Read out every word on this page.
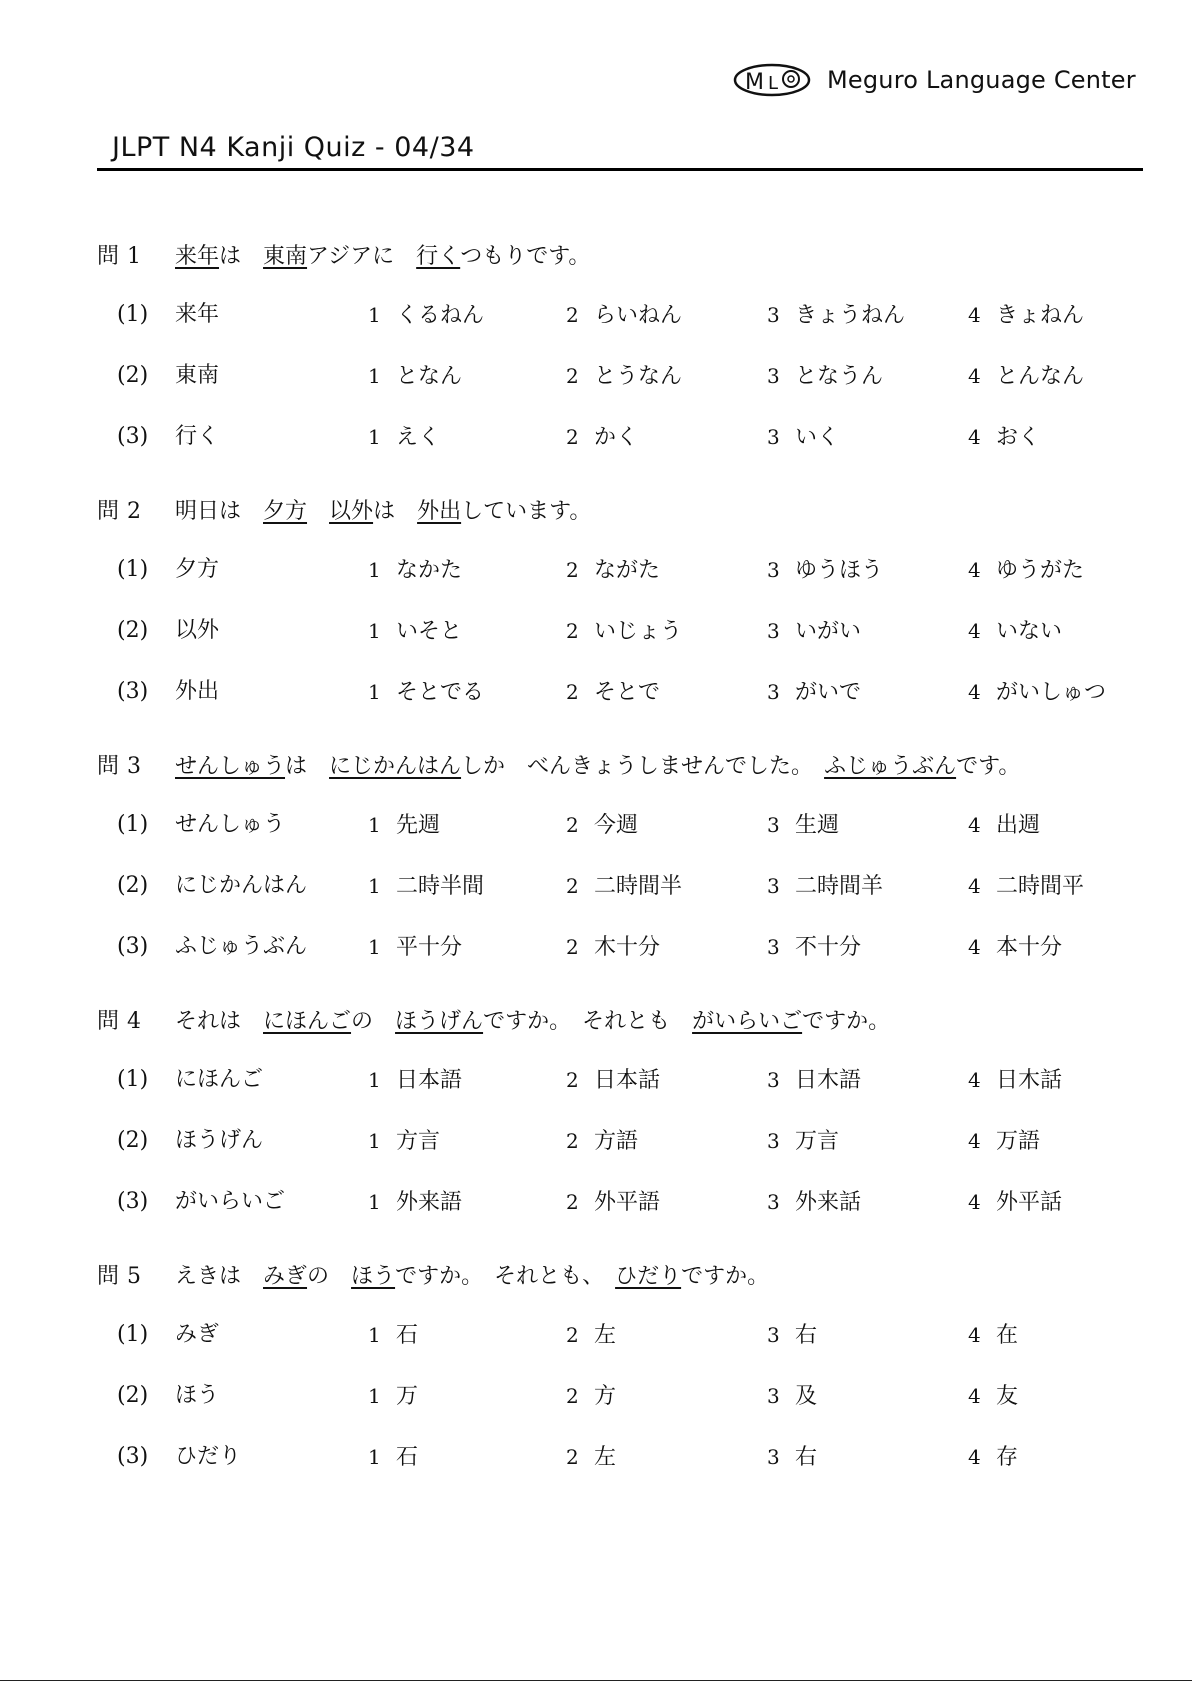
M L Meguro Language Center
JLPT N4 Kanji Quiz - 04/34
問 1	来年は　東南アジアに　行くつもりです。
(1) 来年	1 くるねん	2 らいねん	3 きょうねん	4 きょねん
(2) 東南	1 となん	2 とうなん	3 となうん	4 とんなん
(3) 行く	1 えく	2 かく	3 いく	4 おく
問 2	明日は　夕方　 以外は　外出しています。
(1) 夕方	1 なかた	2 ながた	3 ゆうほう	4 ゆうがた
(2) 以外	1 いそと	2 いじょう	3 いがい	4 いない
(3) 外出	1 そとでる	2 そとで	3 がいで	4 がいしゅつ
問 3	せんしゅうは　にじかんはんしか　べんきょうしませんでした。　ふじゅうぶんです。
(1) せんしゅう	1 先週	2 今週	3 生週	4 出週
(2) にじかんはん	1 二時半間	2 二時間半	3 二時間羊	4 二時間平
(3) ふじゅうぶん	1 平十分	2 木十分	3 不十分	4 本十分
問 4	それは　にほんごの　ほうげんですか。　それとも　がいらいごですか。
(1) にほんご	1 日本語	2 日本話	3 日木語	4 日木話
(2) ほうげん	1 方言	2 方語	3 万言	4 万語
(3) がいらいご	1 外来語	2 外平語	3 外来話	4 外平話
問 5	えきは　みぎの　ほうですか。　それとも、　ひだりですか。
(1) みぎ	1 石	2 左	3 右	4 在
(2) ほう	1 万	2 方	3 及	4 友
(3) ひだり	1 石	2 左	3 右	4 存
